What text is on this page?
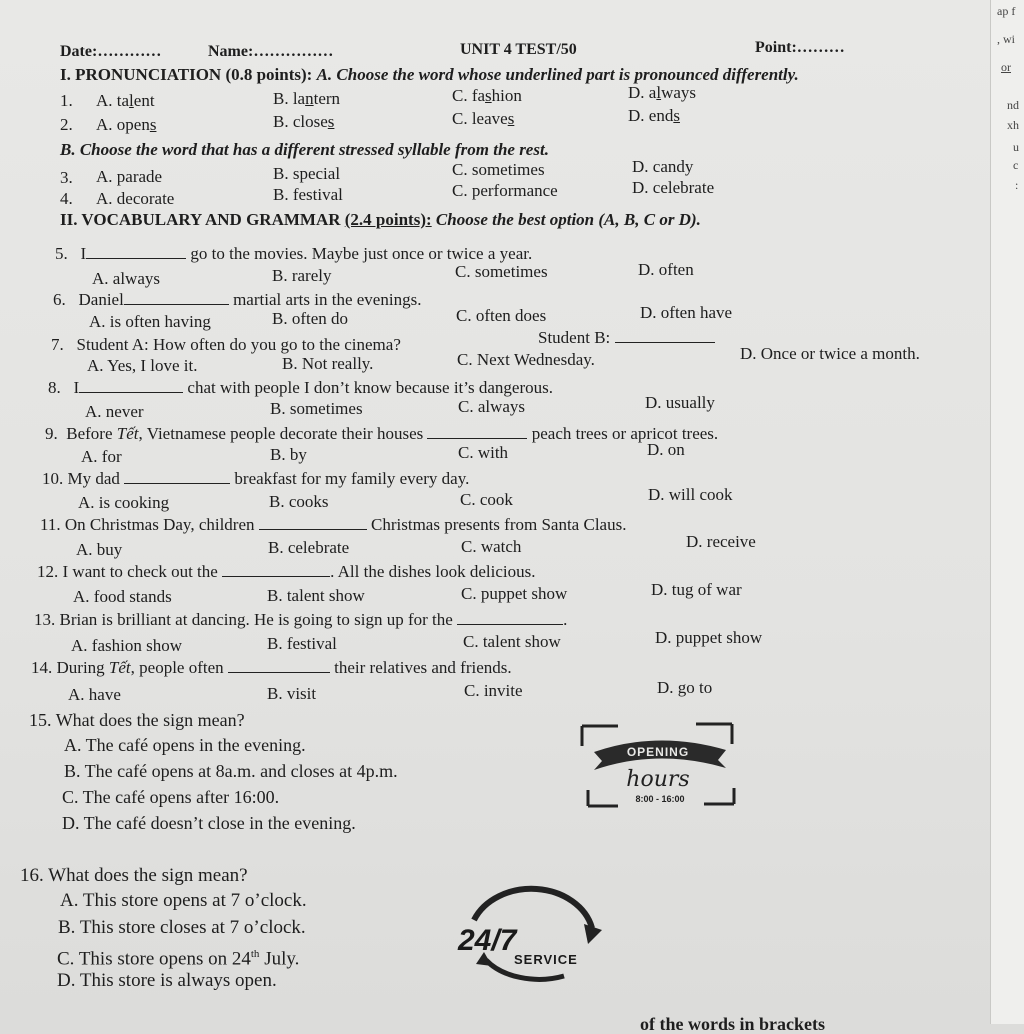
Date:…………	Name:……………	UNIT 4 TEST/50	Point:………
I. PRONUNCIATION (0.8 points): A. Choose the word whose underlined part is pronounced differently.
1. A. talent	B. lantern	C. fashion	D. always
2. A. opens	B. closes	C. leaves	D. ends
B. Choose the word that has a different stressed syllable from the rest.
3. A. parade	B. special	C. sometimes	D. candy
4. A. decorate	B. festival	C. performance	D. celebrate
II. VOCABULARY AND GRAMMAR (2.4 points): Choose the best option (A, B, C or D).
5. I	go to the movies. Maybe just once or twice a year.
A. always	B. rarely	C. sometimes	D. often
6. Daniel	martial arts in the evenings.
A. is often having	B. often do	C. often does	D. often have
7. Student A: How often do you go to the cinema?	Student B:
A. Yes, I love it.	B. Not really.	C. Next Wednesday.	D. Once or twice a month.
8. I	chat with people I don’t know because it’s dangerous.
A. never	B. sometimes	C. always	D. usually
9. Before Tết, Vietnamese people decorate their houses	peach trees or apricot trees.
A. for	B. by	C. with	D. on
10. My dad	breakfast for my family every day.
A. is cooking	B. cooks	C. cook	D. will cook
11. On Christmas Day, children	Christmas presents from Santa Claus.
A. buy	B. celebrate	C. watch	D. receive
12. I want to check out the	. All the dishes look delicious.
A. food stands	B. talent show	C. puppet show	D. tug of war
13. Brian is brilliant at dancing. He is going to sign up for the	.
A. fashion show	B. festival	C. talent show	D. puppet show
14. During Tết, people often	their relatives and friends.
A. have	B. visit	C. invite	D. go to
15. What does the sign mean?
A. The café opens in the evening.
B. The café opens at 8a.m. and closes at 4p.m.
C. The café opens after 16:00.
D. The café doesn’t close in the evening.
OPENING
hours
8:00 - 16:00
16. What does the sign mean?
A. This store opens at 7 o’clock.
B. This store closes at 7 o’clock.
C. This store opens on 24th July.
D. This store is always open.
24/7
SERVICE
of the words in brackets
ap f
, wi
or
nd
xh
u
c
:
